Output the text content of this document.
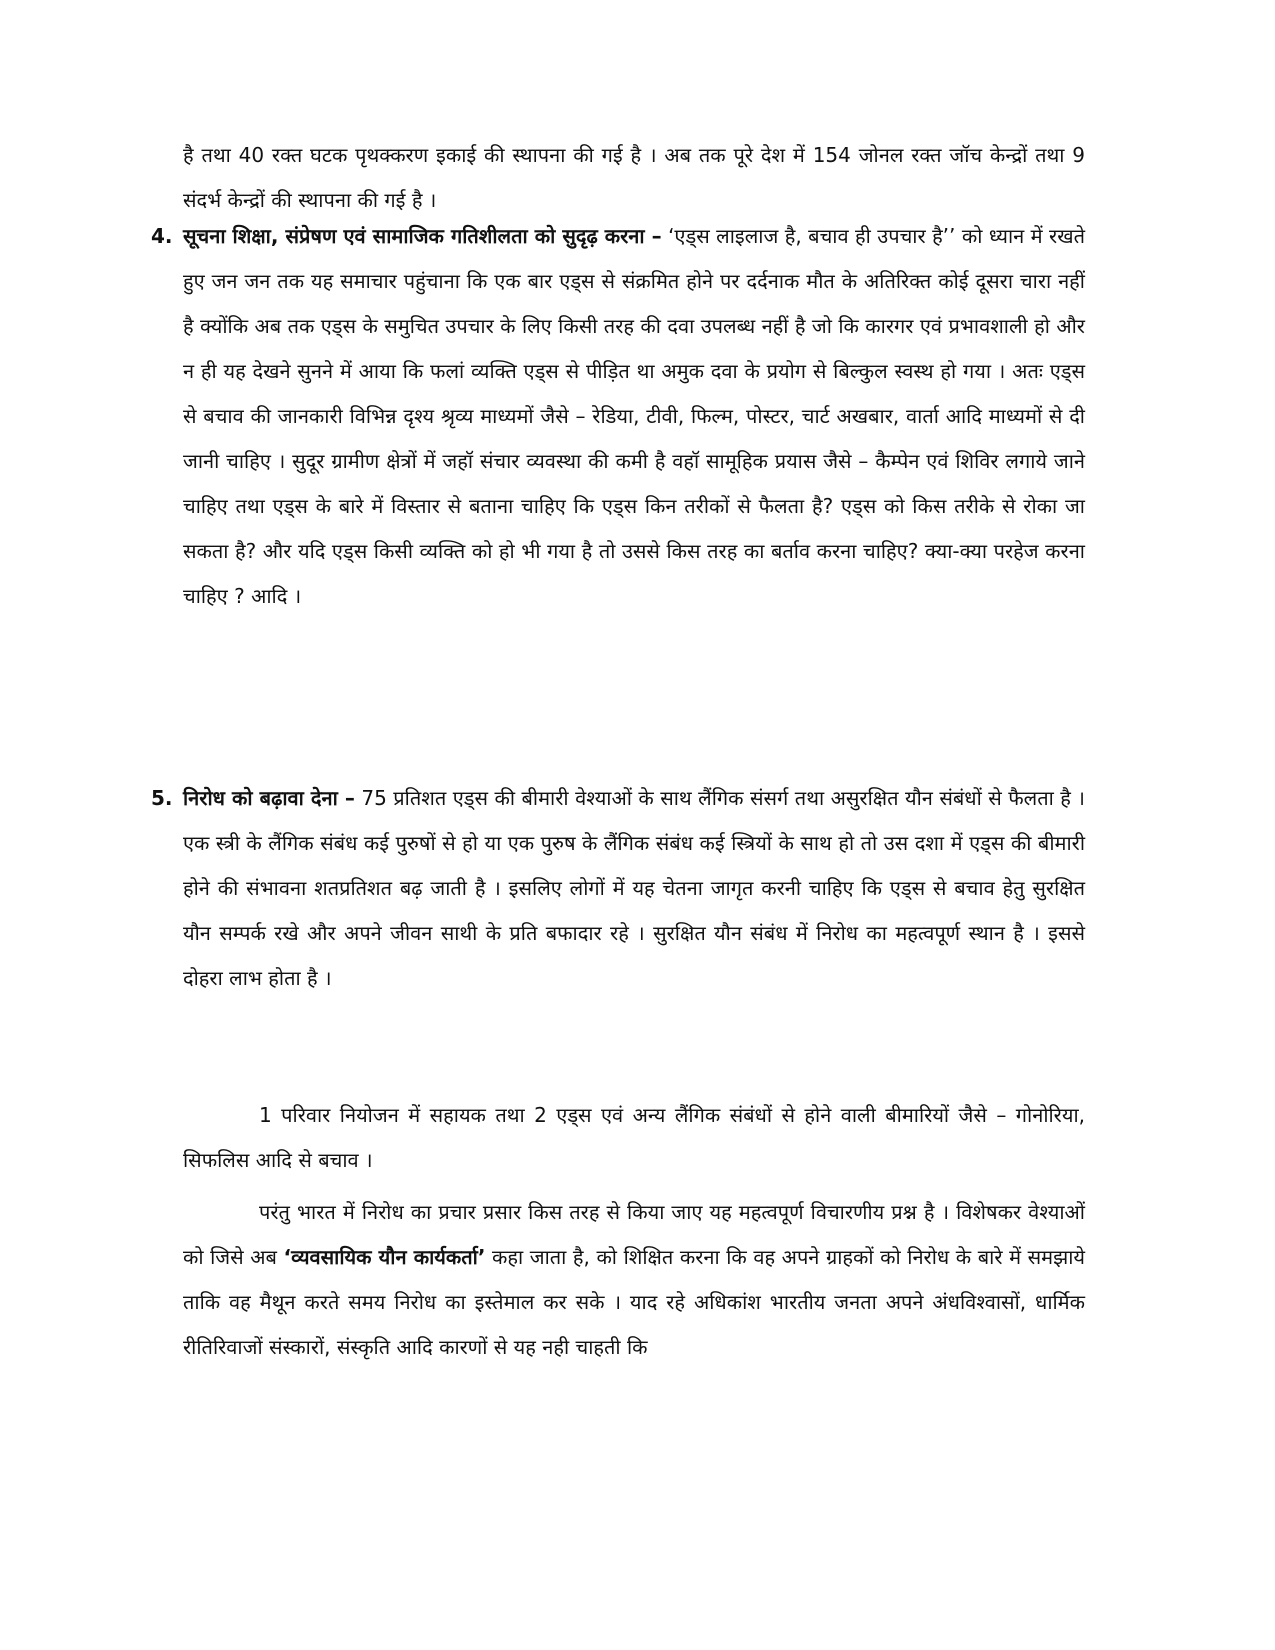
है तथा 40 रक्त घटक पृथक्करण इकाई की स्थापना की गई है । अब तक पूरे देश में 154 जोनल रक्त जॉच केन्द्रों तथा 9 संदर्भ केन्द्रों की स्थापना की गई है ।

4. सूचना शिक्षा, संप्रेषण एवं सामाजिक गतिशीलता को सुदृढ़ करना – ‘एड्स लाइलाज है, बचाव ही उपचार है’’ को ध्यान में रखते हुए जन जन तक यह समाचार पहुंचाना कि एक बार एड्स से संक्रमित होने पर दर्दनाक मौत के अतिरिक्त कोई दूसरा चारा नहीं है क्योंकि अब तक एड्स के समुचित उपचार के लिए किसी तरह की दवा उपलब्ध नहीं है जो कि कारगर एवं प्रभावशाली हो और न ही यह देखने सुनने में आया कि फलां व्यक्ति एड्स से पीड़ित था अमुक दवा के प्रयोग से बिल्कुल स्वस्थ हो गया । अतः एड्स से बचाव की जानकारी विभिन्न दृश्य श्रृव्य माध्यमों जैसे – रेडिया, टीवी, फिल्म, पोस्टर, चार्ट अखबार, वार्ता आदि माध्यमों से दी जानी चाहिए । सुदूर ग्रामीण क्षेत्रों में जहॉ संचार व्यवस्था की कमी है वहॉ सामूहिक प्रयास जैसे – कैम्पेन एवं शिविर लगाये जाने चाहिए तथा एड्स के बारे में विस्तार से बताना चाहिए कि एड्स किन तरीकों से फैलता है? एड्स को किस तरीके से रोका जा सकता है? और यदि एड्स किसी व्यक्ति को हो भी गया है तो उससे किस तरह का बर्ताव करना चाहिए? क्या-क्या परहेज करना चाहिए ? आदि ।

5. निरोध को बढ़ावा देना – 75 प्रतिशत एड्स की बीमारी वेश्याओं के साथ लैंगिक संसर्ग तथा असुरक्षित यौन संबंधों से फैलता है । एक स्त्री के लैंगिक संबंध कई पुरुषों से हो या एक पुरुष के लैंगिक संबंध कई स्त्रियों के साथ हो तो उस दशा में एड्स की बीमारी होने की संभावना शतप्रतिशत बढ़ जाती है । इसलिए लोगों में यह चेतना जागृत करनी चाहिए कि एड्स से बचाव हेतु सुरक्षित यौन सम्पर्क रखे और अपने जीवन साथी के प्रति बफादार रहे । सुरक्षित यौन संबंध में निरोध का महत्वपूर्ण स्थान है । इससे दोहरा लाभ होता है ।

1 परिवार नियोजन में सहायक तथा 2 एड्स एवं अन्य लैंगिक संबंधों से होने वाली बीमारियों जैसे – गोनोरिया, सिफलिस आदि से बचाव ।

परंतु भारत में निरोध का प्रचार प्रसार किस तरह से किया जाए यह महत्वपूर्ण विचारणीय प्रश्न है । विशेषकर वेश्याओं को जिसे अब ‘व्यवसायिक यौन कार्यकर्ता’ कहा जाता है, को शिक्षित करना कि वह अपने ग्राहकों को निरोध के बारे में समझाये ताकि वह मैथून करते समय निरोध का इस्तेमाल कर सके । याद रहे अधिकांश भारतीय जनता अपने अंधविश्वासों, धार्मिक रीतिरिवाजों संस्कारों, संस्कृति आदि कारणों से यह नही चाहती कि
